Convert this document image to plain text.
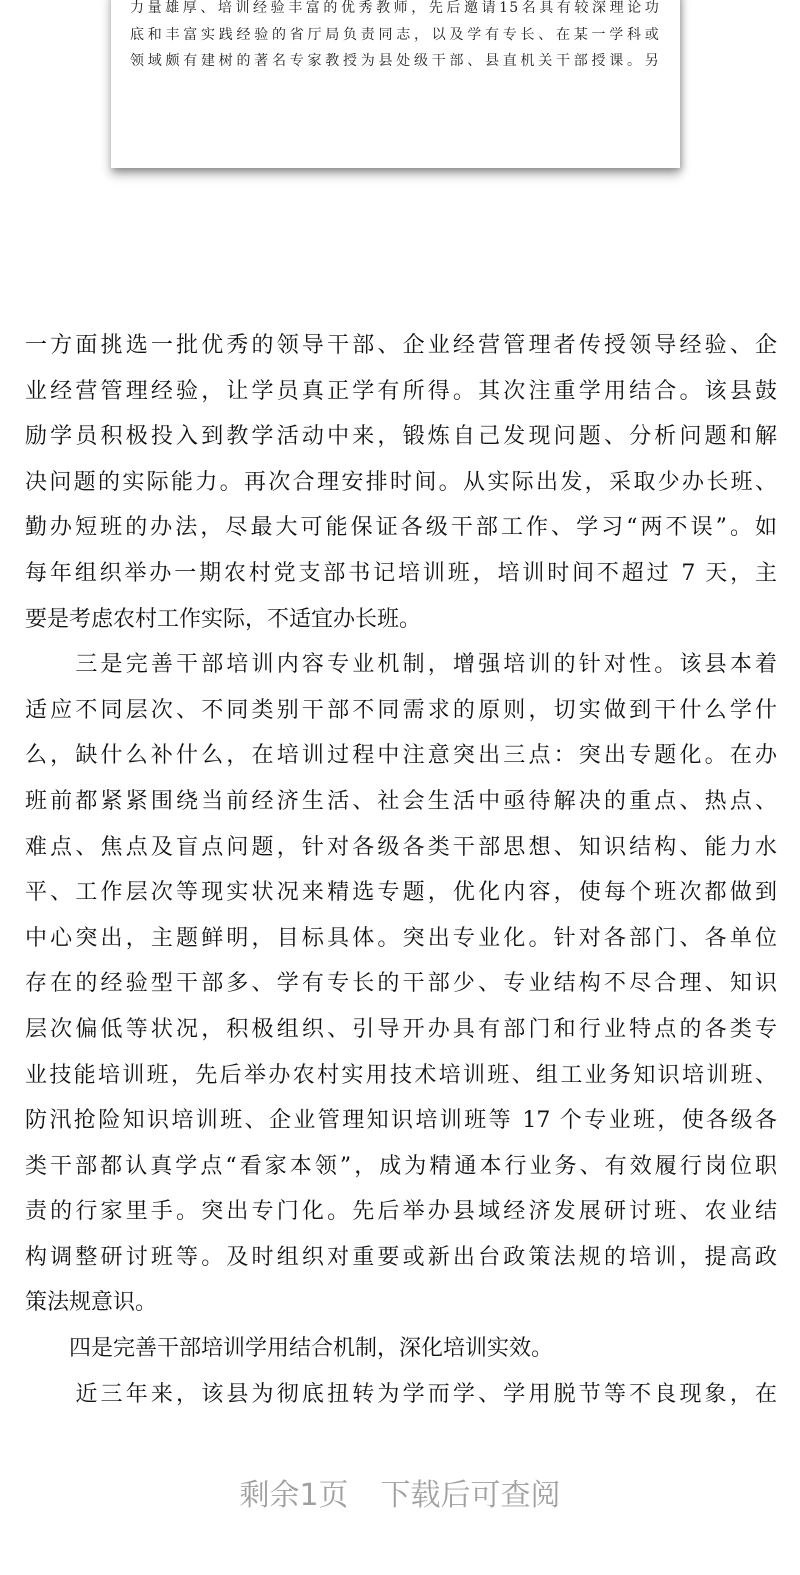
力量雄厚、培训经验丰富的优秀教师，先后邀请15名具有较深理论功
底和丰富实践经验的省厅局负责同志，以及学有专长、在某一学科或
领域颇有建树的著名专家教授为县处级干部、县直机关干部授课。另
一方面挑选一批优秀的领导干部、企业经营管理者传授领导经验、企
业经营管理经验，让学员真正学有所得。其次注重学用结合。该县鼓
励学员积极投入到教学活动中来，锻炼自己发现问题、分析问题和解
决问题的实际能力。再次合理安排时间。从实际出发，采取少办长班、
勤办短班的办法，尽最大可能保证各级干部工作、学习“两不误”。如
每年组织举办一期农村党支部书记培训班，培训时间不超过 7 天，主
要是考虑农村工作实际，不适宜办长班。
　　三是完善干部培训内容专业机制，增强培训的针对性。该县本着
适应不同层次、不同类别干部不同需求的原则，切实做到干什么学什
么，缺什么补什么，在培训过程中注意突出三点：突出专题化。在办
班前都紧紧围绕当前经济生活、社会生活中亟待解决的重点、热点、
难点、焦点及盲点问题，针对各级各类干部思想、知识结构、能力水
平、工作层次等现实状况来精选专题，优化内容，使每个班次都做到
中心突出，主题鲜明，目标具体。突出专业化。针对各部门、各单位
存在的经验型干部多、学有专长的干部少、专业结构不尽合理、知识
层次偏低等状况，积极组织、引导开办具有部门和行业特点的各类专
业技能培训班，先后举办农村实用技术培训班、组工业务知识培训班、
防汛抢险知识培训班、企业管理知识培训班等 17 个专业班，使各级各
类干部都认真学点“看家本领”，成为精通本行业务、有效履行岗位职
责的行家里手。突出专门化。先后举办县域经济发展研讨班、农业结
构调整研讨班等。及时组织对重要或新出台政策法规的培训，提高政
策法规意识。
　　四是完善干部培训学用结合机制，深化培训实效。
　　近三年来，该县为彻底扭转为学而学、学用脱节等不良现象，在
剩余1页 下载后可查阅
